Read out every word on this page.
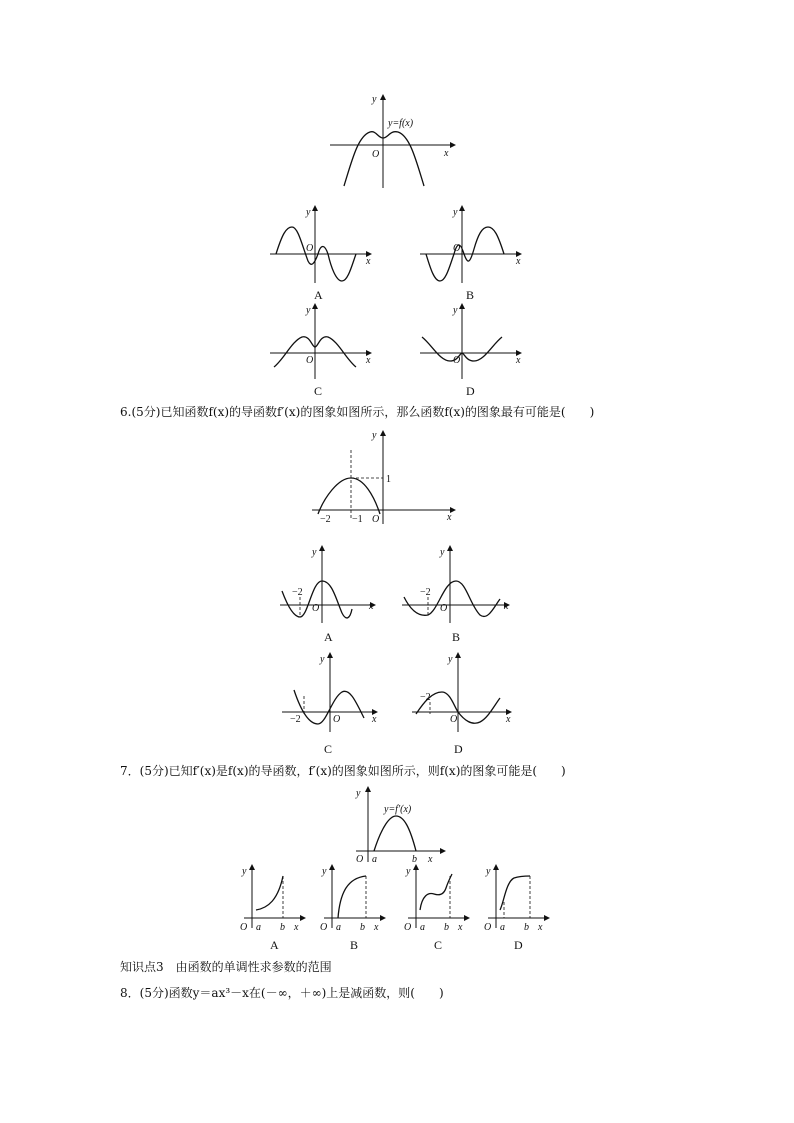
y
x
O
y=f(x)
y
x
O
A
y
x
O
B
y
x
O
C
y
x
O
D
6.(5分)已知函数f(x)的导函数f′(x)的图象如图所示，那么函数f(x)的图象最有可能是(　　)
y
x
O
1
−2 −1
y
x
O
−2
A
y
x
O
−2
B
y
x
O
−2
C
y
x
O
−2
D
7．(5分)已知f′(x)是f(x)的导函数，f′(x)的图象如图所示，则f(x)的图象可能是(　　)
y
x
O a	b
y=f′(x)
y
x
O a b
A
y
x
O a b
B
y
x
O a b
C
y
x
O a b
D
知识点3　由函数的单调性求参数的范围
8．(5分)函数y＝ax³－x在(－∞，＋∞)上是减函数，则(　　)
